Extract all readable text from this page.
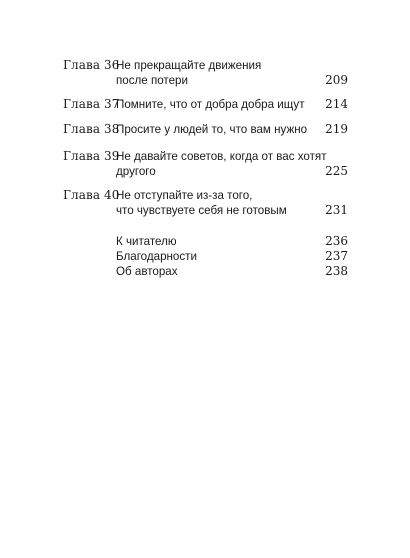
Глава 36
Не прекращайте движения
после потери	209
Глава 37
Помните, что от добра добра ищут	214
Глава 38
Просите у людей то, что вам нужно	219
Глава 39
Не давайте советов, когда от вас хотят
другого	225
Глава 40
Не отступайте из-за того,
что чувствуете себя не готовым	231
К читателю	236
Благодарности	237
Об авторах	238
